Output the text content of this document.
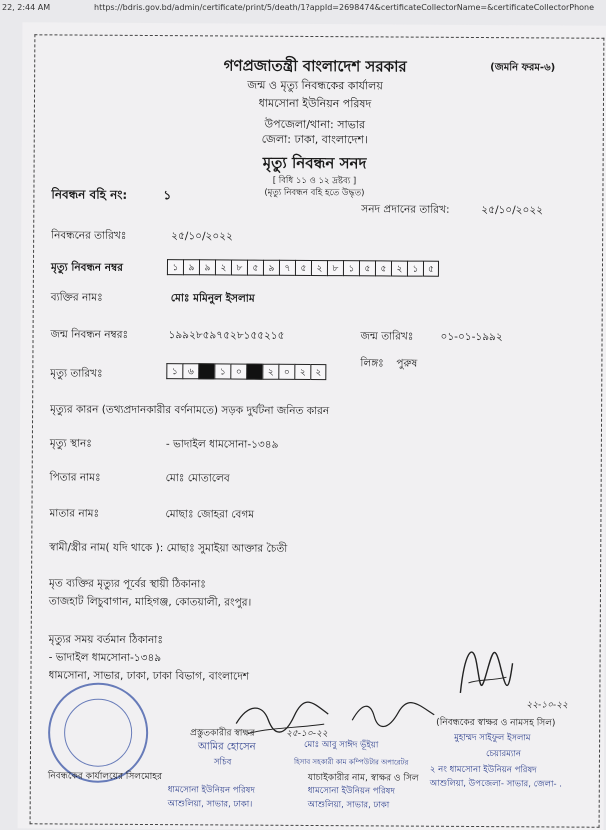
22, 2:44 AM	https://bdris.gov.bd/admin/certificate/print/5/death/1?appId=2698474&certificateCollectorName=&certificateCollectorPhone
গণপ্রজাতন্ত্রী বাংলাদেশ সরকার	(জমনি ফরম-৬)
জন্ম ও মৃত্যু নিবন্ধকের কার্যালয়
ধামসোনা ইউনিয়ন পরিষদ
উপজেলা/থানা: সাভার
জেলা: ঢাকা, বাংলাদেশ।
মৃত্যু নিবন্ধন সনদ
[ বিধি ১১ ও ১২ দ্রষ্টব্য ]
(মৃত্যু নিবন্ধন বহি হতে উদ্ধৃত)
নিবন্ধন বহি নং:	১
সনদ প্রদানের তারিখ:	২৫/১০/২০২২
নিবন্ধনের তারিখঃ	২৫/১০/২০২২
মৃত্যু নিবন্ধন নম্বর	১	৯	৯	২	৮	৫	৯	৭	৫	২	৮	১	৫	৫	২	১	৫
ব্যক্তির নামঃ	মোঃ মমিনুল ইসলাম
জন্ম নিবন্ধন নম্বরঃ	১৯৯২৮৫৯৭৫২৮১৫৫২১৫	জন্ম তারিখঃ	০১-০১-১৯৯২
লিঙ্গঃ পুরুষ
মৃত্যু তারিখঃ	১	৬	১	০	২	০	২	২
মৃত্যুর কারন (তথ্যপ্রদানকারীর বর্ণনামতে) সড়ক দুর্ঘটনা জনিত কারন
মৃত্যু স্থানঃ	- ভাদাইল ধামসোনা-১৩৪৯
পিতার নামঃ	মোঃ মোতালেব
মাতার নামঃ	মোছাঃ জোহরা বেগম
স্বামী/স্ত্রীর নাম( যদি থাকে ): মোছাঃ সুমাইয়া আক্তার চৈতী
মৃত ব্যক্তির মৃত্যুর পূর্বের স্থায়ী ঠিকানাঃ
তাজহাট লিচুবাগান, মাহিগঞ্জ, কোতয়ালী, রংপুর।
মৃত্যুর সময় বর্তমান ঠিকানাঃ
- ভাদাইল ধামসোনা-১৩৪৯
ধামসোনা, সাভার, ঢাকা, ঢাকা বিভাগ, বাংলাদেশ
২২-১০-২২
(নিবন্ধকের স্বাক্ষর ও নামসহ সিল)
মুহাম্মদ সাইফুল ইসলাম
চেয়ারম্যান
২ নং ধামসোনা ইউনিয়ন পরিষদ
আশুলিয়া, উপজেলা- সাভার, জেলা- .
প্রস্তুতকারীর স্বাক্ষর	২৫-১০-২২
আমির হোসেন
সচিব
ধামসোনা ইউনিয়ন পরিষদ
আশুলিয়া, সাভার, ঢাকা।
মোঃ আবু সাঈদ ভূঁইয়া
যাচাইকারীর নাম, স্বাক্ষর ও সিল
হিসাব সহকারী কাম কম্পিউটার অপারেটর
ধামসোনা ইউনিয়ন পরিষদ
আশুলিয়া, সাভার, ঢাকা
নিবন্ধকের কার্যালয়ের সিলমোহর
